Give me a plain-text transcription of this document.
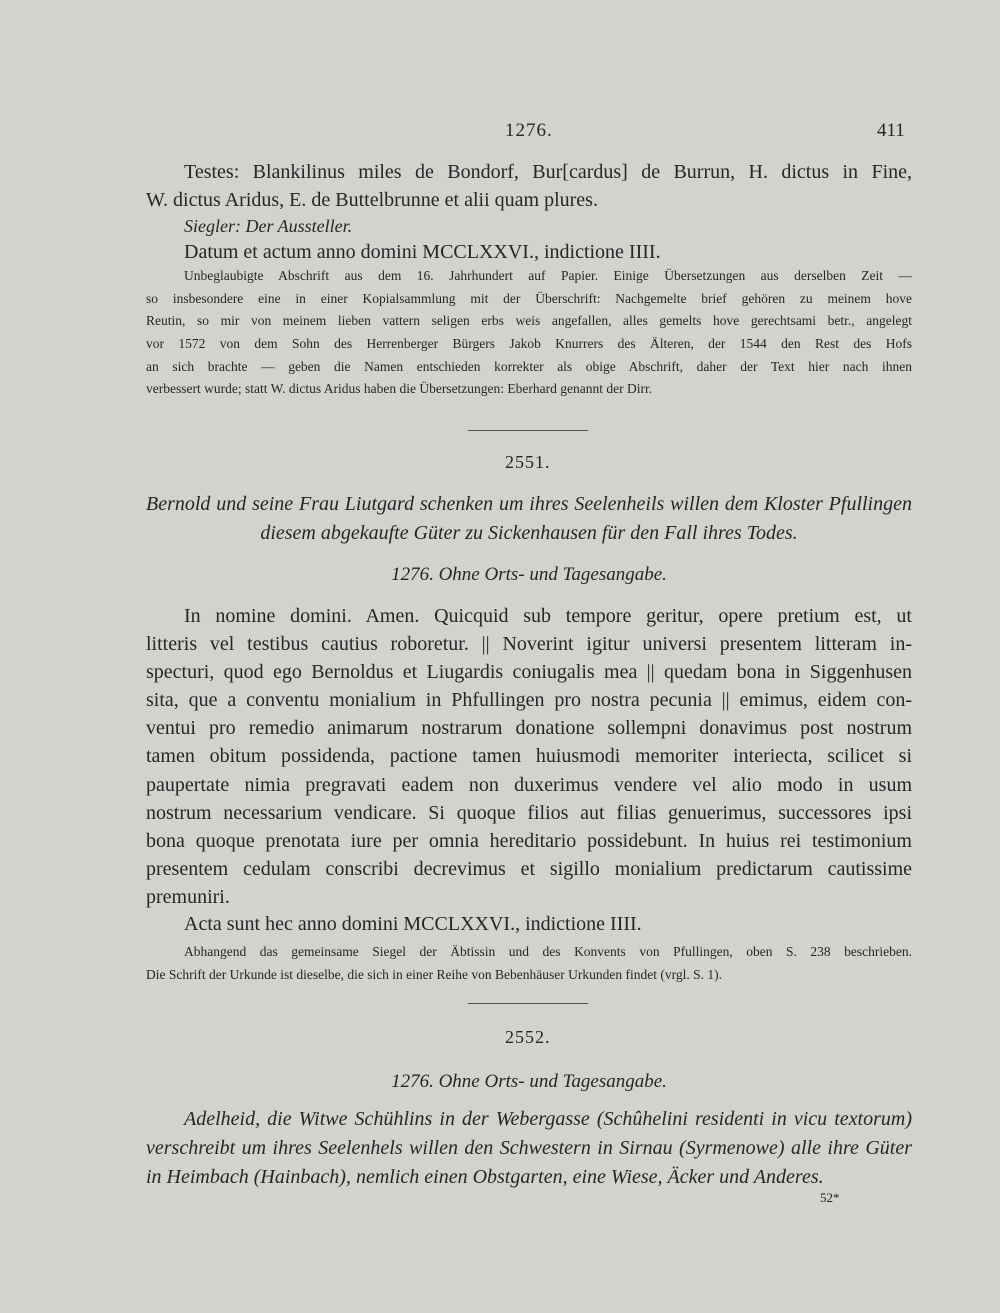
1276.	411

Testes: Blankilinus miles de Bondorf, Bur[cardus] de Burrun, H. dictus in Fine,

W. dictus Aridus, E. de Buttelbrunne et alii quam plures.

Siegler: Der Aussteller.

Datum et actum anno domini MCCLXXVI., indictione IIII.

Unbeglaubigte Abschrift aus dem 16. Jahrhundert auf Papier. Einige Übersetzungen aus derselben Zeit —

so insbesondere eine in einer Kopialsammlung mit der Überschrift: Nachgemelte brief gehören zu meinem hove

Reutin, so mir von meinem lieben vattern seligen erbs weis angefallen, alles gemelts hove gerechtsami betr., angelegt

vor 1572 von dem Sohn des Herrenberger Bürgers Jakob Knurrers des Älteren, der 1544 den Rest des Hofs

an sich brachte — geben die Namen entschieden korrekter als obige Abschrift, daher der Text hier nach ihnen

verbessert wurde; statt W. dictus Aridus haben die Übersetzungen: Eberhard genannt der Dirr.

2551.

Bernold und seine Frau Liutgard schenken um ihres Seelenheils willen dem Kloster Pfullingen

diesem abgekaufte Güter zu Sickenhausen für den Fall ihres Todes.

1276. Ohne Orts- und Tagesangabe.

In nomine domini. Amen. Quicquid sub tempore geritur, opere pretium est, ut

litteris vel testibus cautius roboretur. || Noverint igitur universi presentem litteram in-

specturi, quod ego Bernoldus et Liugardis coniugalis mea || quedam bona in Siggenhusen

sita, que a conventu monialium in Phfullingen pro nostra pecunia || emimus, eidem con-

ventui pro remedio animarum nostrarum donatione sollempni donavimus post nostrum

tamen obitum possidenda, pactione tamen huiusmodi memoriter interiecta, scilicet si

paupertate nimia pregravati eadem non duxerimus vendere vel alio modo in usum

nostrum necessarium vendicare. Si quoque filios aut filias genuerimus, successores ipsi

bona quoque prenotata iure per omnia hereditario possidebunt. In huius rei testimonium

presentem cedulam conscribi decrevimus et sigillo monialium predictarum cautissime

premuniri.

Acta sunt hec anno domini MCCLXXVI., indictione IIII.

Abhangend das gemeinsame Siegel der Äbtissin und des Konvents von Pfullingen, oben S. 238 beschrieben.

Die Schrift der Urkunde ist dieselbe, die sich in einer Reihe von Bebenhäuser Urkunden findet (vrgl. S. 1).

2552.

1276. Ohne Orts- und Tagesangabe.

Adelheid, die Witwe Schühlins in der Webergasse (Schûhelini residenti in vicu textorum)

verschreibt um ihres Seelenhels willen den Schwestern in Sirnau (Syrmenowe) alle ihre Güter

in Heimbach (Hainbach), nemlich einen Obstgarten, eine Wiese, Äcker und Anderes.

52*
